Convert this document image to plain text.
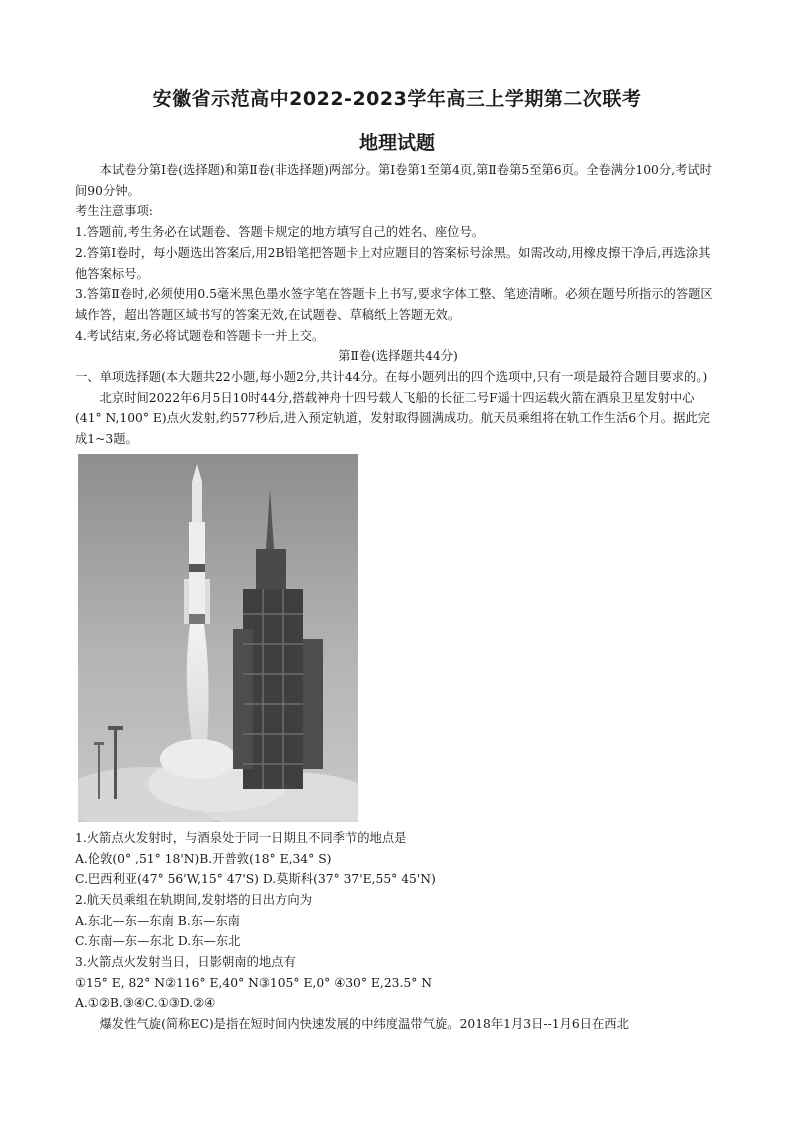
安徽省示范高中2022-2023学年高三上学期第二次联考
地理试题

本试卷分第Ⅰ卷(选择题)和第Ⅱ卷(非选择题)两部分。第Ⅰ卷第1至第4页,第Ⅱ卷第5至第6页。全卷满分100分,考试时间90分钟。

考生注意事项:

1.答题前,考生务必在试题卷、答题卡规定的地方填写自己的姓名、座位号。

2.答第Ⅰ卷时，每小题选出答案后,用2B铅笔把答题卡上对应题目的答案标号涂黑。如需改动,用橡皮擦干净后,再选涂其他答案标号。

3.答第Ⅱ卷时,必须使用0.5毫米黑色墨水签字笔在答题卡上书写,要求字体工整、笔迹清晰。必须在题号所指示的答题区域作答，超出答题区域书写的答案无效,在试题卷、草稿纸上答题无效。

4.考试结束,务必将试题卷和答题卡一并上交。

第Ⅱ卷(选择题共44分)

一、单项选择题(本大题共22小题,每小题2分,共计44分。在每小题列出的四个选项中,只有一项是最符合题目要求的。)

北京时间2022年6月5日10时44分,搭载神舟十四号载人飞船的长征二号F遥十四运载火箭在酒泉卫星发射中心(41° N,100° E)点火发射,约577秒后,进入预定轨道，发射取得圆满成功。航天员乘组将在轨工作生活6个月。据此完成1~3题。

1.火箭点火发射时，与酒泉处于同一日期且不同季节的地点是

A.伦敦(0° ,51° 18'N)B.开普敦(18° E,34° S)

C.巴西利亚(47° 56'W,15° 47'S) D.莫斯科(37° 37'E,55° 45'N)

2.航天员乘组在轨期间,发射塔的日出方向为

A.东北—东—东南 B.东—东南

C.东南—东—东北 D.东—东北

3.火箭点火发射当日，日影朝南的地点有

①15° E, 82° N②116° E,40° N③105° E,0° ④30° E,23.5° N

A.①②B.③④C.①③D.②④

爆发性气旋(简称EC)是指在短时间内快速发展的中纬度温带气旋。2018年1月3日--1月6日在西北
